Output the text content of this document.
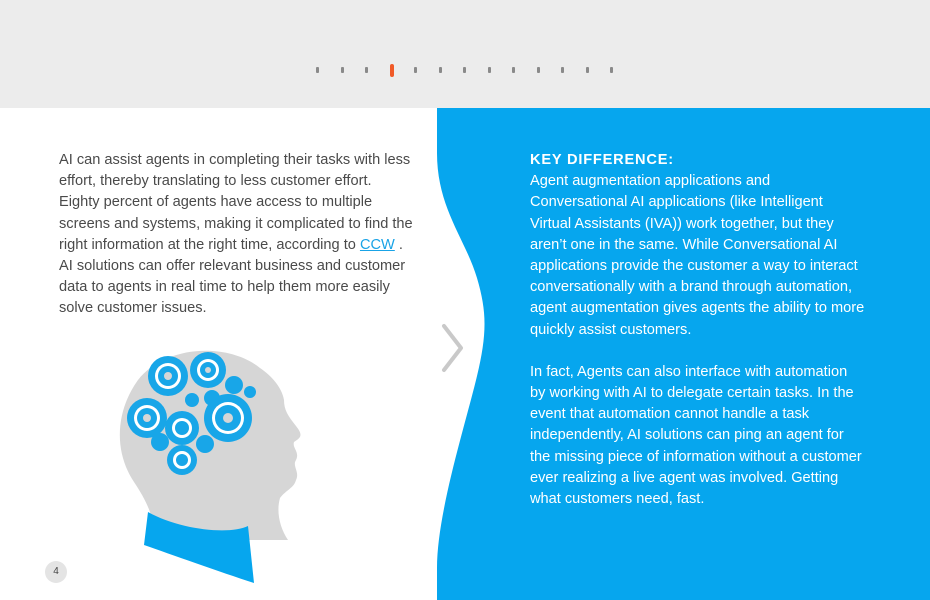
AI can assist agents in completing their tasks with less effort, thereby translating to less customer effort. Eighty percent of agents have access to multiple screens and systems, making it complicated to find the right information at the right time, according to CCW . AI solutions can offer relevant business and customer data to agents in real time to help them more easily solve customer issues.
KEY DIFFERENCE:

Agent augmentation applications and Conversational AI applications (like Intelligent Virtual Assistants (IVA)) work together, but they aren’t one in the same. While Conversational AI applications provide the customer a way to interact conversationally with a brand through automation, agent augmentation gives agents the ability to more quickly assist customers.

In fact, Agents can also interface with automation by working with AI to delegate certain tasks. In the event that automation cannot handle a task independently, AI solutions can ping an agent for the missing piece of information without a customer ever realizing a live agent was involved. Getting what customers need, fast.

4
